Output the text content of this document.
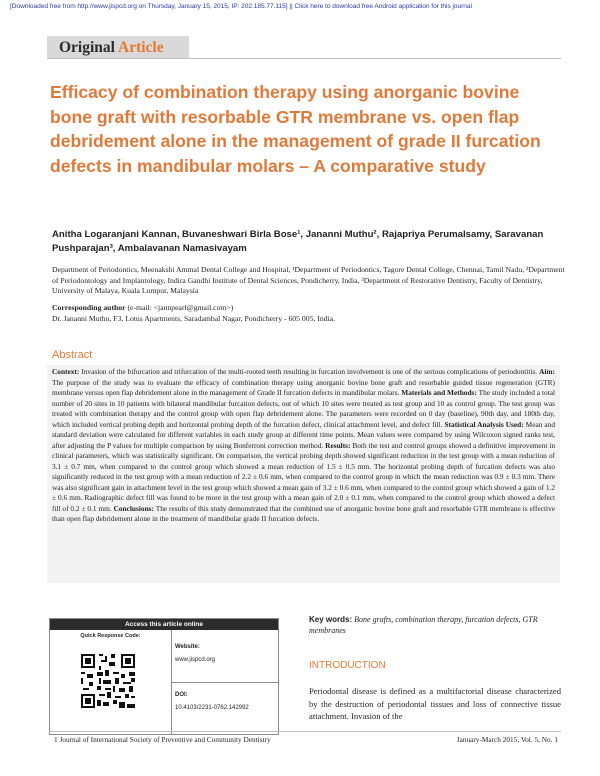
[Downloaded free from http://www.jispcd.org on Thursday, January 15, 2015, IP: 202.185.77.115] || Click here to download free Android application for this journal
Original Article
Efficacy of combination therapy using anorganic bovine bone graft with resorbable GTR membrane vs. open flap debridement alone in the management of grade II furcation defects in mandibular molars – A comparative study

Anitha Logaranjani Kannan, Buvaneshwari Birla Bose¹, Jananni Muthu², Rajapriya Perumalsamy, Saravanan Pushparajan³, Ambalavanan Namasivayam

Department of Periodontics, Meenakshi Ammal Dental College and Hospital, ¹Department of Periodontics, Tagore Dental College, Chennai, Tamil Nadu, ²Department of Periodontology and Implantology, Indira Gandhi Institute of Dental Sciences, Pondicherry, India, ³Department of Restorative Dentistry, Faculty of Dentistry, University of Malaya, Kuala Lumpur, Malaysia

Corresponding author (e-mail: <jannpearl@gmail.com>)
Dr. Jananni Muthu, F3, Lotus Apartments, Saradambal Nagar, Pondicherry - 605 005, India.
Abstract

Context: Invasion of the bifurcation and trifurcation of the multi-rooted teeth resulting in furcation involvement is one of the serious complications of periodontitis. Aim: The purpose of the study was to evaluate the efficacy of combination therapy using anorganic bovine bone graft and resorbable guided tissue regeneration (GTR) membrane versus open flap debridement alone in the management of Grade II furcation defects in mandibular molars. Materials and Methods: The study included a total number of 20 sites in 10 patients with bilateral mandibular furcation defects, out of which 10 sites were treated as test group and 10 as control group. The test group was treated with combination therapy and the control group with open flap debridement alone. The parameters were recorded on 0 day (baseline), 90th day, and 180th day, which included vertical probing depth and horizontal probing depth of the furcation defect, clinical attachment level, and defect fill. Statistical Analysis Used: Mean and standard deviation were calculated for different variables in each study group at different time points. Mean values were compared by using Wilcoxon signed ranks test, after adjusting the P values for multiple comparison by using Bonferroni correction method. Results: Both the test and control groups showed a definitive improvement in clinical parameters, which was statistically significant. On comparison, the vertical probing depth showed significant reduction in the test group with a mean reduction of 3.1 ± 0.7 mm, when compared to the control group which showed a mean reduction of 1.5 ± 0.5 mm. The horizontal probing depth of furcation defects was also significantly reduced in the test group with a mean reduction of 2.2 ± 0.6 mm, when compared to the control group in which the mean reduction was 0.9 ± 0.3 mm. There was also significant gain in attachment level in the test group which showed a mean gain of 3.2 ± 0.6 mm, when compared to the control group which showed a gain of 1.2 ± 0.6 mm. Radiographic defect fill was found to be more in the test group with a mean gain of 2.0 ± 0.1 mm, when compared to the control group which showed a defect fill of 0.2 ± 0.1 mm. Conclusions: The results of this study demonstrated that the combined use of anorganic bovine bone graft and resorbable GTR membrane is effective than open flap debridement alone in the treatment of mandibular grade II furcation defects.

Access this article online
Quick Response Code:
Website:
www.jispcd.org
DOI:
10.4103/2231-0762.142992

Key words: Bone grafts, combination therapy, furcation defects, GTR membranes

INTRODUCTION

Periodontal disease is defined as a multifactorial disease characterized by the destruction of periodontal tissues and loss of connective tissue attachment. Invasion of the

1 Journal of International Society of Preventive and Community Dentistry	January-March 2015, Vol. 5, No. 1
